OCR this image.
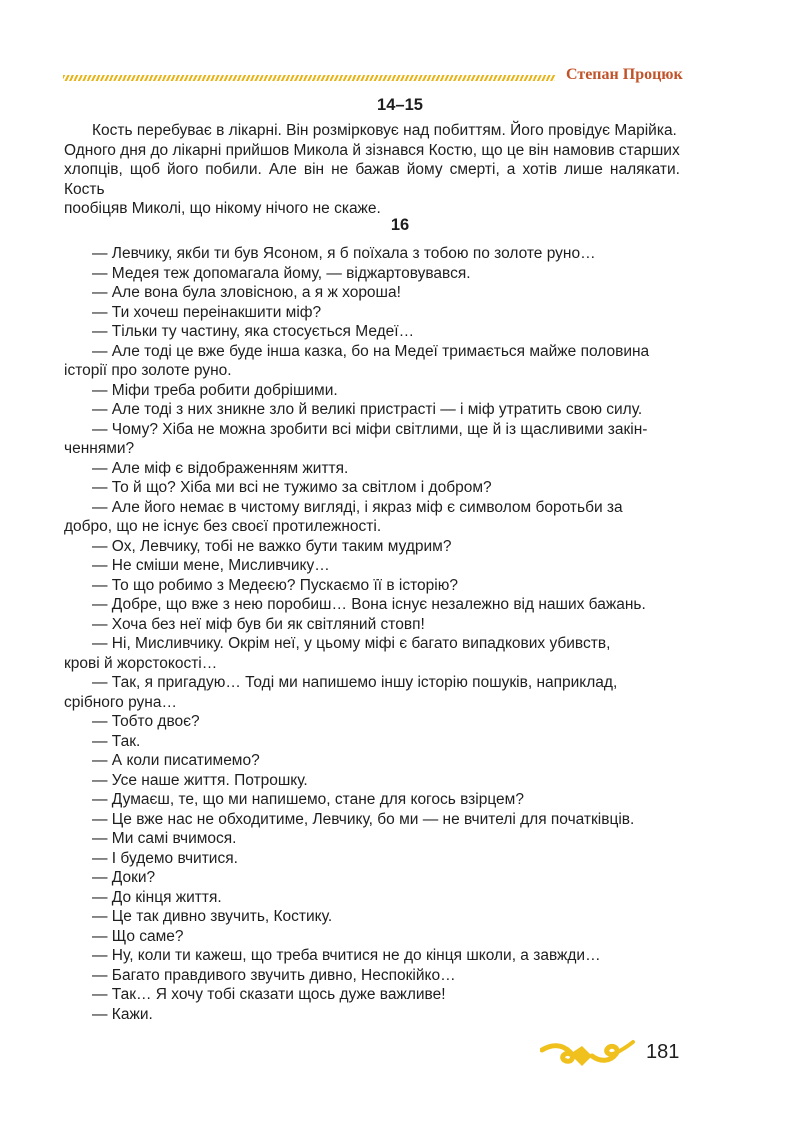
Степан Процюк
14–15

Кость перебуває в лікарні. Він розмірковує над побиттям. Його провідує Марійка.

Одного дня до лікарні прийшов Микола й зізнався Костю, що це він намовив старших

хлопців, щоб його побили. Але він не бажав йому смерті, а хотів лише налякати. Кость

пообіцяв Миколі, що нікому нічого не скаже.

16

— Левчику, якби ти був Ясоном, я б поїхала з тобою по золоте руно…

— Медея теж допомагала йому, — віджартовувався.

— Але вона була зловісною, а я ж хороша!

— Ти хочеш переінакшити міф?

— Тільки ту частину, яка стосується Медеї…

— Але тоді це вже буде інша казка, бо на Медеї тримається майже половина

історії про золоте руно.

— Міфи треба робити добрішими.

— Але тоді з них зникне зло й великі пристрасті — і міф утратить свою силу.

— Чому? Хіба не можна зробити всі міфи світлими, ще й із щасливими закін-

ченнями?

— Але міф є відображенням життя.

— То й що? Хіба ми всі не тужимо за світлом і добром?

— Але його немає в чистому вигляді, і якраз міф є символом боротьби за

добро, що не існує без своєї протилежності.

— Ох, Левчику, тобі не важко бути таким мудрим?

— Не сміши мене, Мисливчику…

— То що робимо з Медеєю? Пускаємо її в історію?

— Добре, що вже з нею поробиш… Вона існує незалежно від наших бажань.

— Хоча без неї міф був би як світляний стовп!

— Ні, Мисливчику. Окрім неї, у цьому міфі є багато випадкових убивств,

крові й жорстокості…

— Так, я пригадую… Тоді ми напишемо іншу історію пошуків, наприклад,

срібного руна…

— Тобто двоє?

— Так.

— А коли писатимемо?

— Усе наше життя. Потрошку.

— Думаєш, те, що ми напишемо, стане для когось взірцем?

— Це вже нас не обходитиме, Левчику, бо ми — не вчителі для початківців.

— Ми самі вчимося.

— І будемо вчитися.

— Доки?

— До кінця життя.

— Це так дивно звучить, Костику.

— Що саме?

— Ну, коли ти кажеш, що треба вчитися не до кінця школи, а завжди…

— Багато правдивого звучить дивно, Неспокійко…

— Так… Я хочу тобі сказати щось дуже важливе!

— Кажи.

181
